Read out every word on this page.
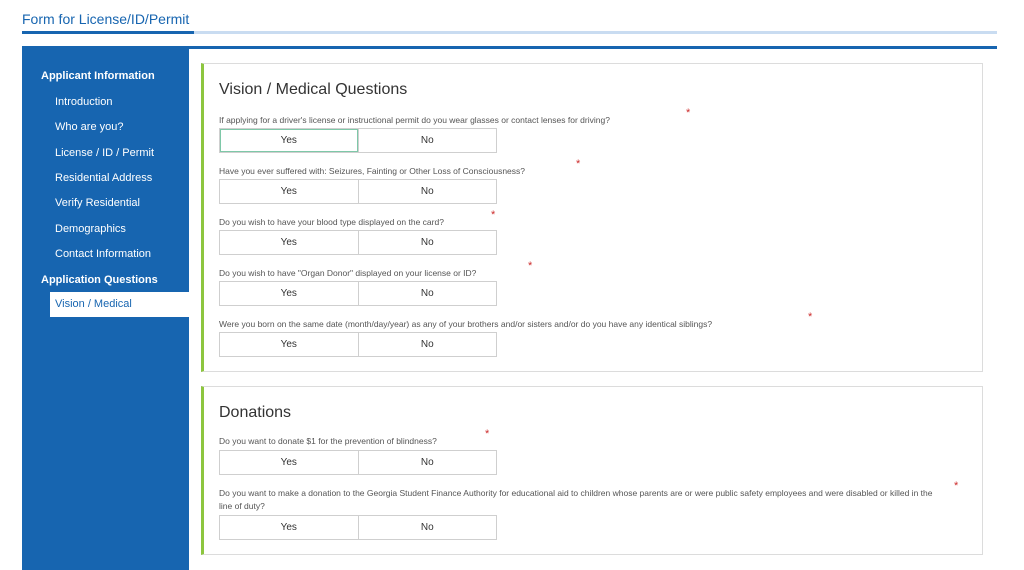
Form for License/ID/Permit
Applicant Information
Introduction
Who are you?
License / ID / Permit
Residential Address
Verify Residential
Demographics
Contact Information
Application Questions
Vision / Medical
Vision / Medical Questions
If applying for a driver's license or instructional permit do you wear glasses or contact lenses for driving?
*
Yes	No
Have you ever suffered with: Seizures, Fainting or Other Loss of Consciousness?
*
Yes	No
Do you wish to have your blood type displayed on the card?
*
Yes	No
Do you wish to have "Organ Donor" displayed on your license or ID?
*
Yes	No
Were you born on the same date (month/day/year) as any of your brothers and/or sisters and/or do you have any identical siblings?
*
Yes	No
Donations
Do you want to donate $1 for the prevention of blindness?
*
Yes	No
Do you want to make a donation to the Georgia Student Finance Authority for educational aid to children whose parents are or were public safety employees and were disabled or killed in the line of duty?
*
Yes	No
